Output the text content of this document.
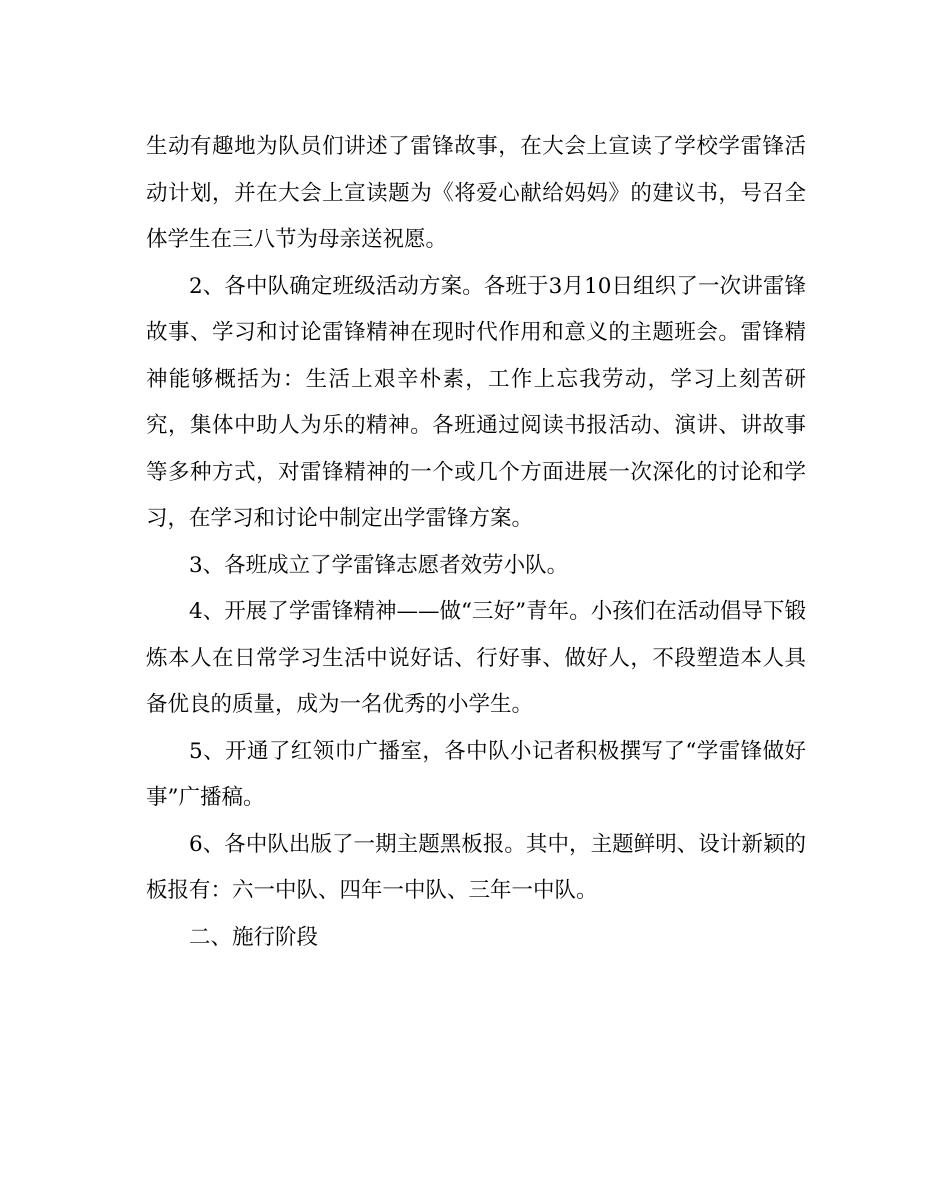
生动有趣地为队员们讲述了雷锋故事，在大会上宣读了学校学雷锋活动计划，并在大会上宣读题为《将爱心献给妈妈》的建议书，号召全体学生在三八节为母亲送祝愿。

2、各中队确定班级活动方案。各班于3月10日组织了一次讲雷锋故事、学习和讨论雷锋精神在现时代作用和意义的主题班会。雷锋精神能够概括为：生活上艰辛朴素，工作上忘我劳动，学习上刻苦研究，集体中助人为乐的精神。各班通过阅读书报活动、演讲、讲故事等多种方式，对雷锋精神的一个或几个方面进展一次深化的讨论和学习，在学习和讨论中制定出学雷锋方案。

3、各班成立了学雷锋志愿者效劳小队。

4、开展了学雷锋精神——做“三好”青年。小孩们在活动倡导下锻炼本人在日常学习生活中说好话、行好事、做好人，不段塑造本人具备优良的质量，成为一名优秀的小学生。

5、开通了红领巾广播室，各中队小记者积极撰写了“学雷锋做好事”广播稿。

6、各中队出版了一期主题黑板报。其中，主题鲜明、设计新颖的板报有：六一中队、四年一中队、三年一中队。

二、施行阶段
